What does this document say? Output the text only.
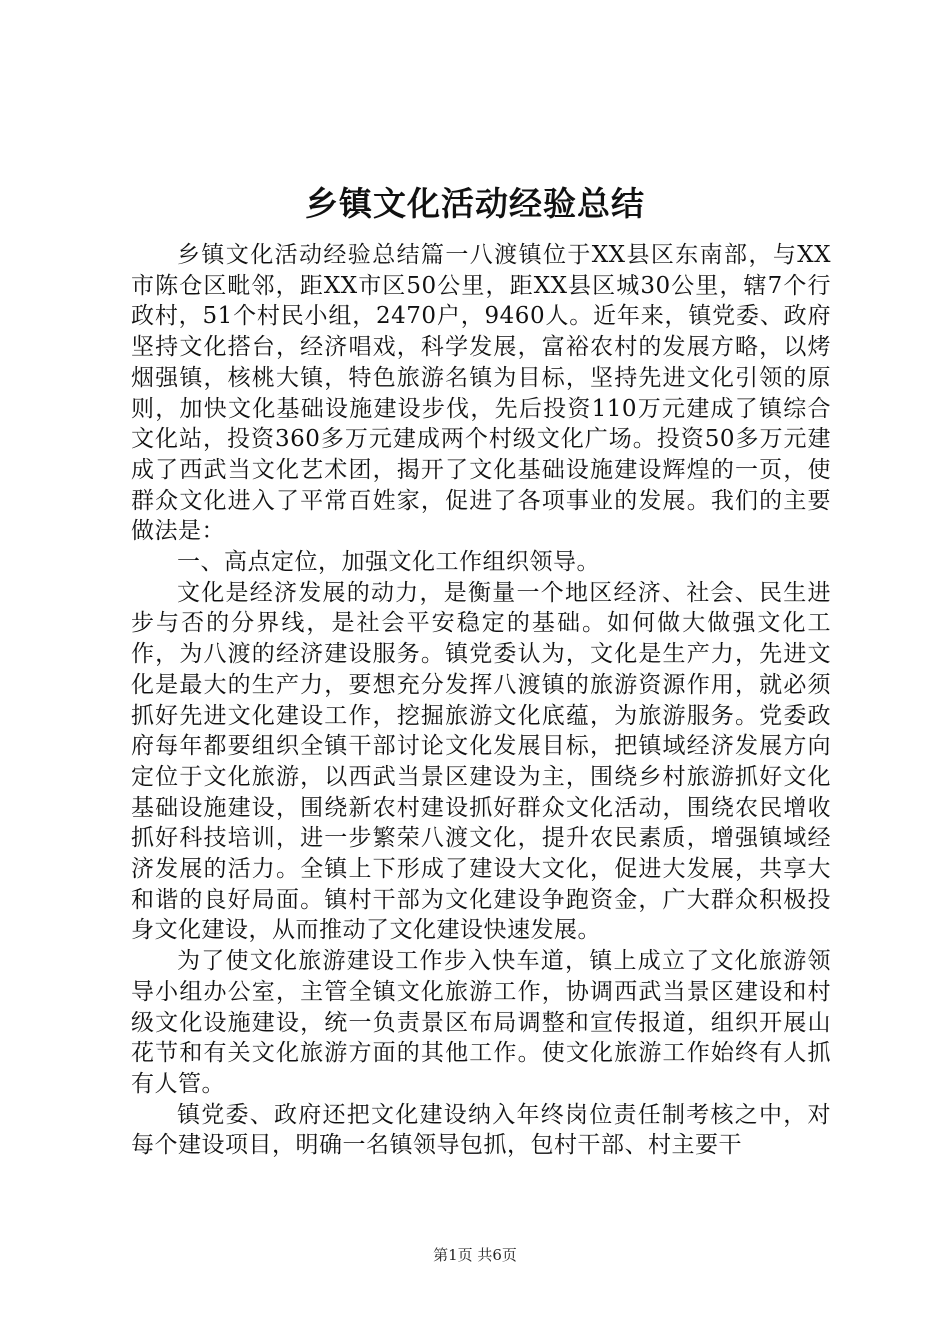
乡镇文化活动经验总结

乡镇文化活动经验总结篇一八渡镇位于XX县区东南部，与XX市陈仓区毗邻，距XX市区50公里，距XX县区城30公里，辖7个行政村，51个村民小组，2470户，9460人。近年来，镇党委、政府坚持文化搭台，经济唱戏，科学发展，富裕农村的发展方略，以烤烟强镇，核桃大镇，特色旅游名镇为目标，坚持先进文化引领的原则，加快文化基础设施建设步伐，先后投资110万元建成了镇综合文化站，投资360多万元建成两个村级文化广场。投资50多万元建成了西武当文化艺术团，揭开了文化基础设施建设辉煌的一页，使群众文化进入了平常百姓家，促进了各项事业的发展。我们的主要做法是：

一、高点定位，加强文化工作组织领导。

文化是经济发展的动力，是衡量一个地区经济、社会、民生进步与否的分界线，是社会平安稳定的基础。如何做大做强文化工作，为八渡的经济建设服务。镇党委认为，文化是生产力，先进文化是最大的生产力，要想充分发挥八渡镇的旅游资源作用，就必须抓好先进文化建设工作，挖掘旅游文化底蕴，为旅游服务。党委政府每年都要组织全镇干部讨论文化发展目标，把镇域经济发展方向定位于文化旅游，以西武当景区建设为主，围绕乡村旅游抓好文化基础设施建设，围绕新农村建设抓好群众文化活动，围绕农民增收抓好科技培训，进一步繁荣八渡文化，提升农民素质，增强镇域经济发展的活力。全镇上下形成了建设大文化，促进大发展，共享大和谐的良好局面。镇村干部为文化建设争跑资金，广大群众积极投身文化建设，从而推动了文化建设快速发展。

为了使文化旅游建设工作步入快车道，镇上成立了文化旅游领导小组办公室，主管全镇文化旅游工作，协调西武当景区建设和村级文化设施建设，统一负责景区布局调整和宣传报道，组织开展山花节和有关文化旅游方面的其他工作。使文化旅游工作始终有人抓有人管。

镇党委、政府还把文化建设纳入年终岗位责任制考核之中，对每个建设项目，明确一名镇领导包抓，包村干部、村主要干

第1页 共6页
